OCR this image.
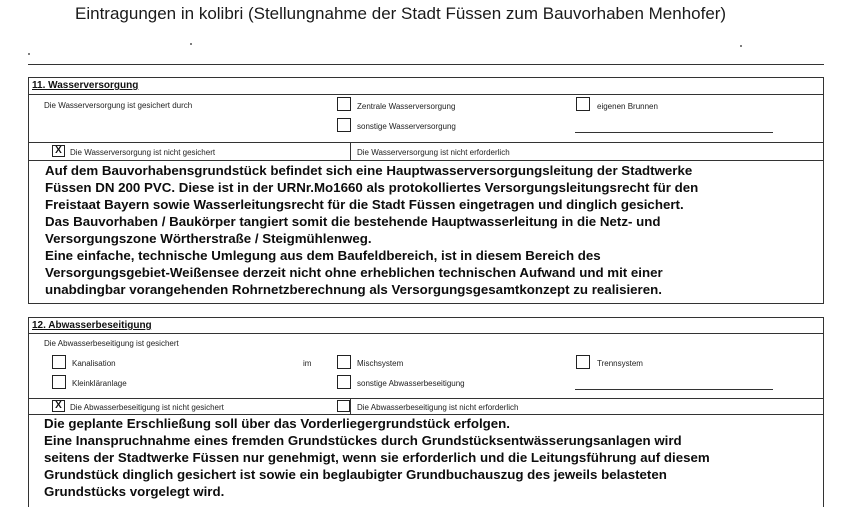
Eintragungen in kolibri (Stellungnahme der Stadt Füssen zum Bauvorhaben Menhofer)
11. Wasserversorgung
Die Wasserversorgung ist gesichert durch	Zentrale Wasserversorgung	eigenen Brunnen
sonstige Wasserversorgung
X	Die Wasserversorgung ist nicht gesichert	Die Wasserversorgung ist nicht erforderlich
Auf dem Bauvorhabensgrundstück befindet sich eine Hauptwasserversorgungsleitung der Stadtwerke
Füssen DN 200 PVC. Diese ist in der URNr.Mo1660 als protokolliertes Versorgungsleitungsrecht für den
Freistaat Bayern sowie Wasserleitungsrecht für die Stadt Füssen eingetragen und dinglich gesichert.
Das Bauvorhaben / Baukörper tangiert somit die bestehende Hauptwasserleitung in die Netz- und
Versorgungszone Wörtherstraße / Steigmühlenweg.
Eine einfache, technische Umlegung aus dem Baufeldbereich, ist in diesem Bereich des
Versorgungsgebiet-Weißensee derzeit nicht ohne erheblichen technischen Aufwand und mit einer
unabdingbar vorangehenden Rohrnetzberechnung als Versorgungsgesamtkonzept zu realisieren.
12. Abwasserbeseitigung
Die Abwasserbeseitigung ist gesichert
Kanalisation	im	Mischsystem	Trennsystem
Kleinkläranlage	sonstige Abwasserbeseitigung
X	Die Abwasserbeseitigung ist nicht gesichert	Die Abwasserbeseitigung ist nicht erforderlich
Die geplante Erschließung soll über das Vorderliegergrundstück erfolgen.
Eine Inanspruchnahme eines fremden Grundstückes durch Grundstücksentwässerungsanlagen wird
seitens der Stadtwerke Füssen nur genehmigt, wenn sie erforderlich und die Leitungsführung auf diesem
Grundstück dinglich gesichert ist sowie ein beglaubigter Grundbuchauszug des jeweils belasteten
Grundstücks vorgelegt wird.
